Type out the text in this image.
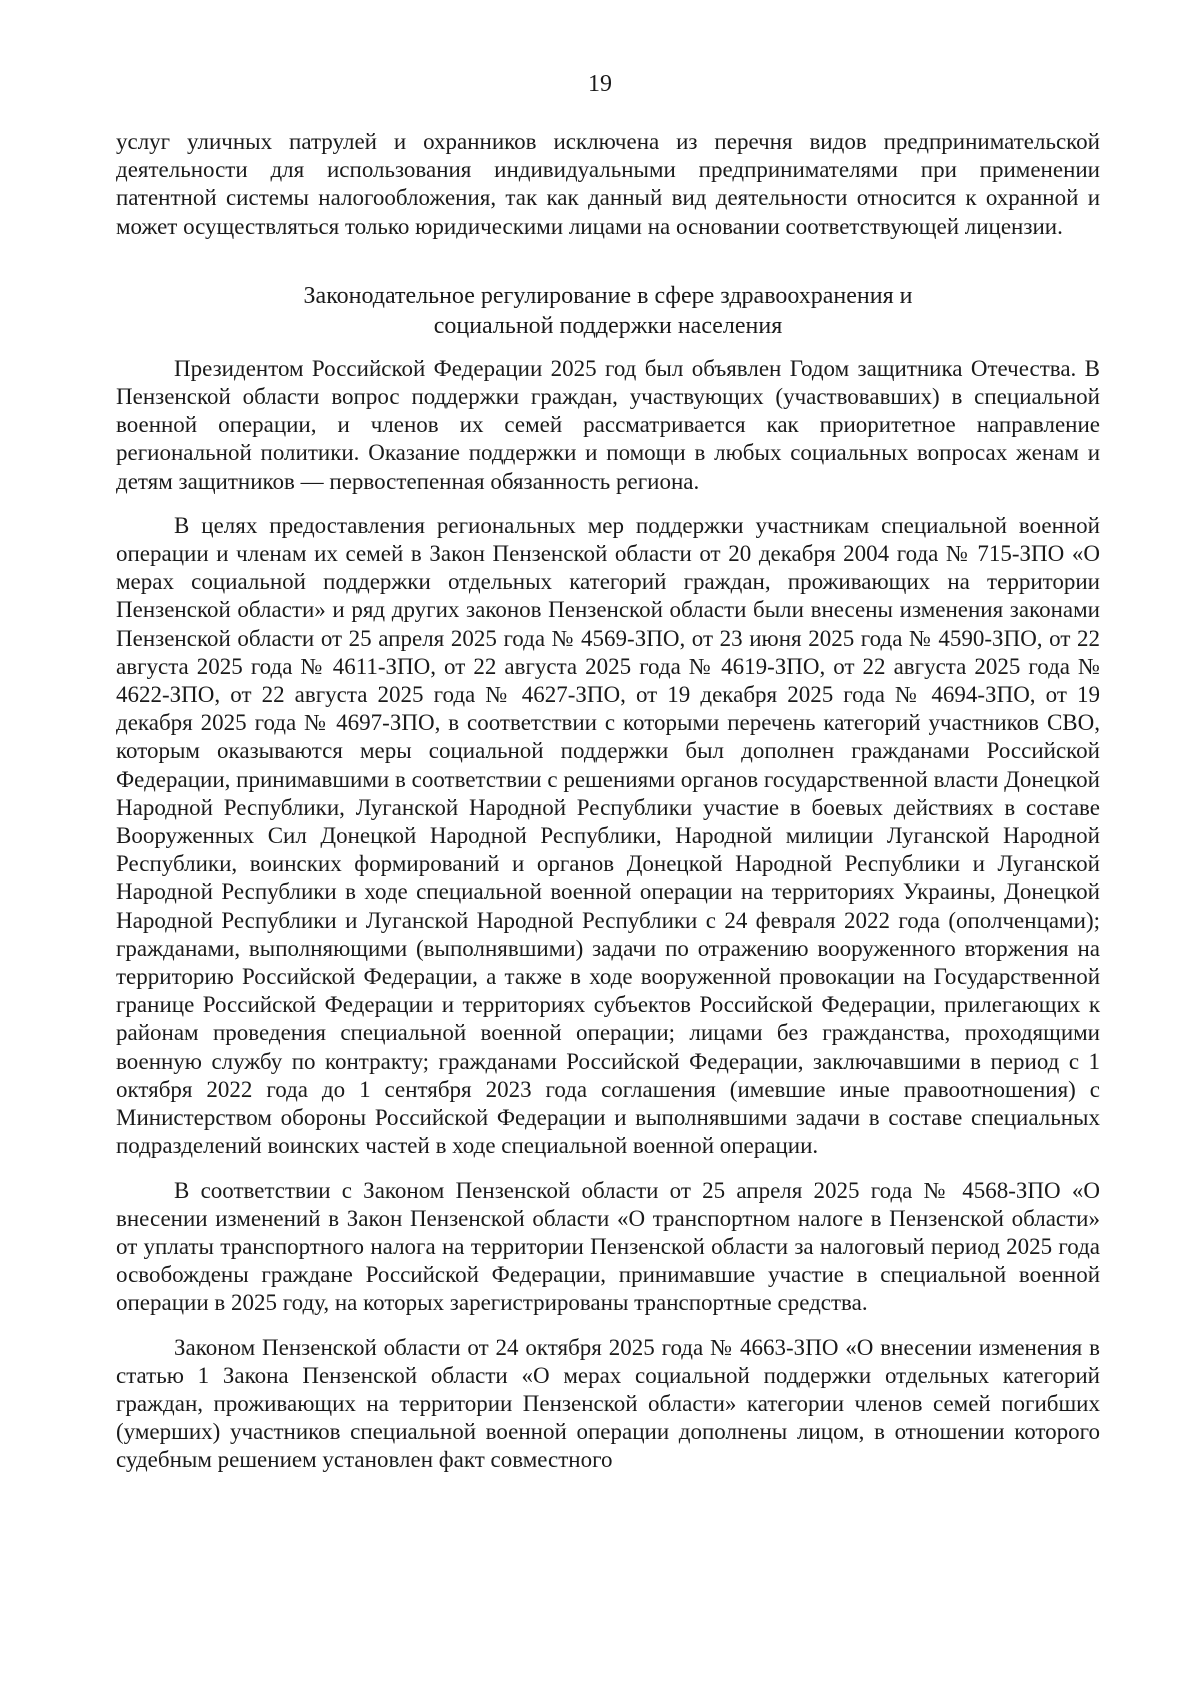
19

услуг уличных патрулей и охранников исключена из перечня видов предпринимательской деятельности для использования индивидуальными предпринимателями при применении патентной системы налогообложения, так как данный вид деятельности относится к охранной и может осуществляться только юридическими лицами на основании соответствующей лицензии.

Законодательное регулирование в сфере здравоохранения и
социальной поддержки населения

Президентом Российской Федерации 2025 год был объявлен Годом защитника Отечества. В Пензенской области вопрос поддержки граждан, участвующих (участвовавших) в специальной военной операции, и членов их семей рассматривается как приоритетное направление региональной политики. Оказание поддержки и помощи в любых социальных вопросах женам и детям защитников — первостепенная обязанность региона.

В целях предоставления региональных мер поддержки участникам специальной военной операции и членам их семей в Закон Пензенской области от 20 декабря 2004 года № 715-ЗПО «О мерах социальной поддержки отдельных категорий граждан, проживающих на территории Пензенской области» и ряд других законов Пензенской области были внесены изменения законами Пензенской области от 25 апреля 2025 года № 4569-ЗПО, от 23 июня 2025 года № 4590-ЗПО, от 22 августа 2025 года № 4611-ЗПО, от 22 августа 2025 года № 4619-ЗПО, от 22 августа 2025 года № 4622-ЗПО, от 22 августа 2025 года № 4627-ЗПО, от 19 декабря 2025 года № 4694-ЗПО, от 19 декабря 2025 года № 4697-ЗПО, в соответствии с которыми перечень категорий участников СВО, которым оказываются меры социальной поддержки был дополнен гражданами Российской Федерации, принимавшими в соответствии с решениями органов государственной власти Донецкой Народной Республики, Луганской Народной Республики участие в боевых действиях в составе Вооруженных Сил Донецкой Народной Республики, Народной милиции Луганской Народной Республики, воинских формирований и органов Донецкой Народной Республики и Луганской Народной Республики в ходе специальной военной операции на территориях Украины, Донецкой Народной Республики и Луганской Народной Республики с 24 февраля 2022 года (ополченцами); гражданами, выполняющими (выполнявшими) задачи по отражению вооруженного вторжения на территорию Российской Федерации, а также в ходе вооруженной провокации на Государственной границе Российской Федерации и территориях субъектов Российской Федерации, прилегающих к районам проведения специальной военной операции; лицами без гражданства, проходящими военную службу по контракту; гражданами Российской Федерации, заключавшими в период с 1 октября 2022 года до 1 сентября 2023 года соглашения (имевшие иные правоотношения) с Министерством обороны Российской Федерации и выполнявшими задачи в составе специальных подразделений воинских частей в ходе специальной военной операции.

В соответствии с Законом Пензенской области от 25 апреля 2025 года № 4568-ЗПО «О внесении изменений в Закон Пензенской области «О транспортном налоге в Пензенской области» от уплаты транспортного налога на территории Пензенской области за налоговый период 2025 года освобождены граждане Российской Федерации, принимавшие участие в специальной военной операции в 2025 году, на которых зарегистрированы транспортные средства.

Законом Пензенской области от 24 октября 2025 года № 4663-ЗПО «О внесении изменения в статью 1 Закона Пензенской области «О мерах социальной поддержки отдельных категорий граждан, проживающих на территории Пензенской области» категории членов семей погибших (умерших) участников специальной военной операции дополнены лицом, в отношении которого судебным решением установлен факт совместного
